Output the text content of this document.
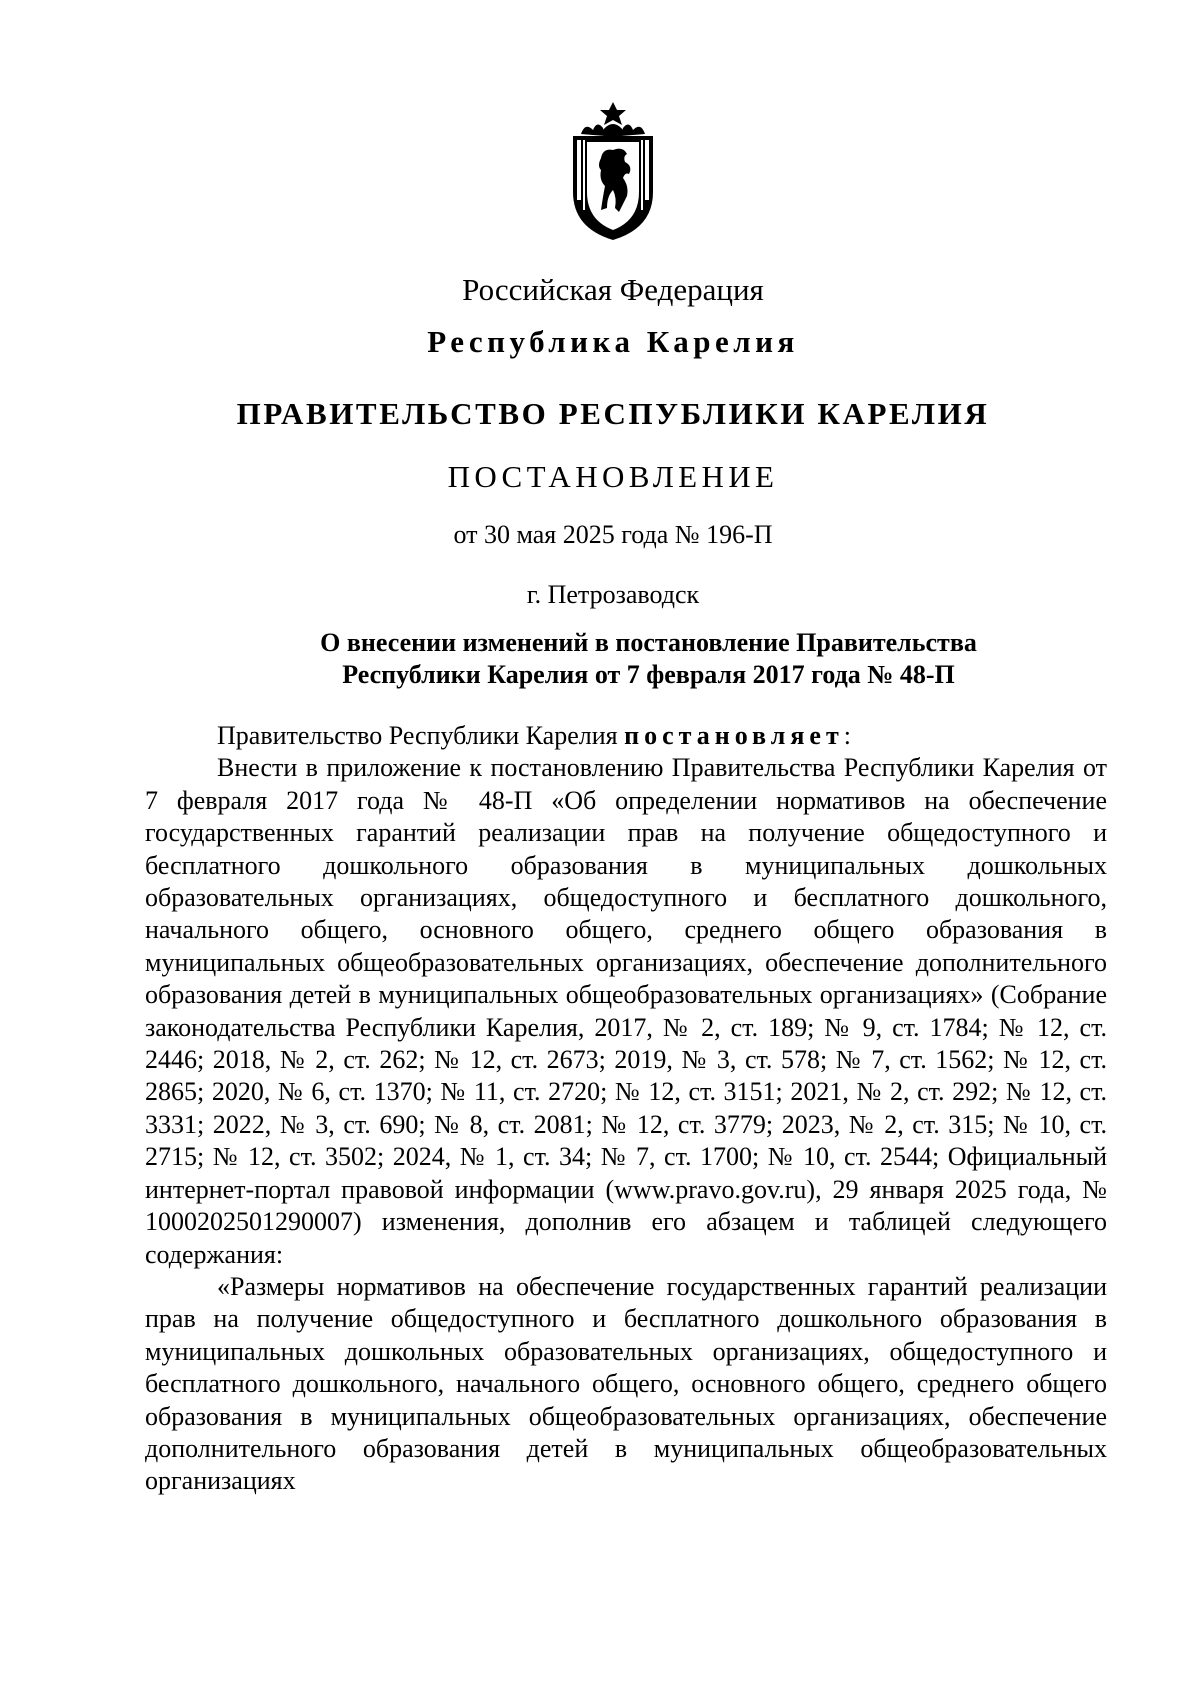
Российская Федерация
Республика Карелия
ПРАВИТЕЛЬСТВО РЕСПУБЛИКИ КАРЕЛИЯ
ПОСТАНОВЛЕНИЕ
от 30 мая 2025 года № 196-П
г. Петрозаводск
О внесении изменений в постановление Правительства
Республики Карелия от 7 февраля 2017 года № 48-П

Правительство Республики Карелия постановляет:

Внести в приложение к постановлению Правительства Республики Карелия от 7 февраля 2017 года № 48-П «Об определении нормативов на обеспечение государственных гарантий реализации прав на получение общедоступного и бесплатного дошкольного образования в муниципальных дошкольных образовательных организациях, общедоступного и бесплатного дошкольного, начального общего, основного общего, среднего общего образования в муниципальных общеобразовательных организациях, обеспечение дополнительного образования детей в муниципальных общеобразовательных организациях» (Собрание законодательства Республики Карелия, 2017, № 2, ст. 189; № 9, ст. 1784; № 12, ст. 2446; 2018, № 2, ст. 262; № 12, ст. 2673; 2019, № 3, ст. 578; № 7, ст. 1562; № 12, ст. 2865; 2020, № 6, ст. 1370; № 11, ст. 2720; № 12, ст. 3151; 2021, № 2, ст. 292; № 12, ст. 3331; 2022, № 3, ст. 690; № 8, ст. 2081; № 12, ст. 3779; 2023, № 2, ст. 315; № 10, ст. 2715; № 12, ст. 3502; 2024, № 1, ст. 34; № 7, ст. 1700; № 10, ст. 2544; Официальный интернет-портал правовой информации (www.pravo.gov.ru), 29 января 2025 года, № 1000202501290007) изменения, дополнив его абзацем и таблицей следующего содержания:

«Размеры нормативов на обеспечение государственных гарантий реализации прав на получение общедоступного и бесплатного дошкольного образования в муниципальных дошкольных образовательных организациях, общедоступного и бесплатного дошкольного, начального общего, основного общего, среднего общего образования в муниципальных общеобразовательных организациях, обеспечение дополнительного образования детей в муниципальных общеобразовательных организациях
